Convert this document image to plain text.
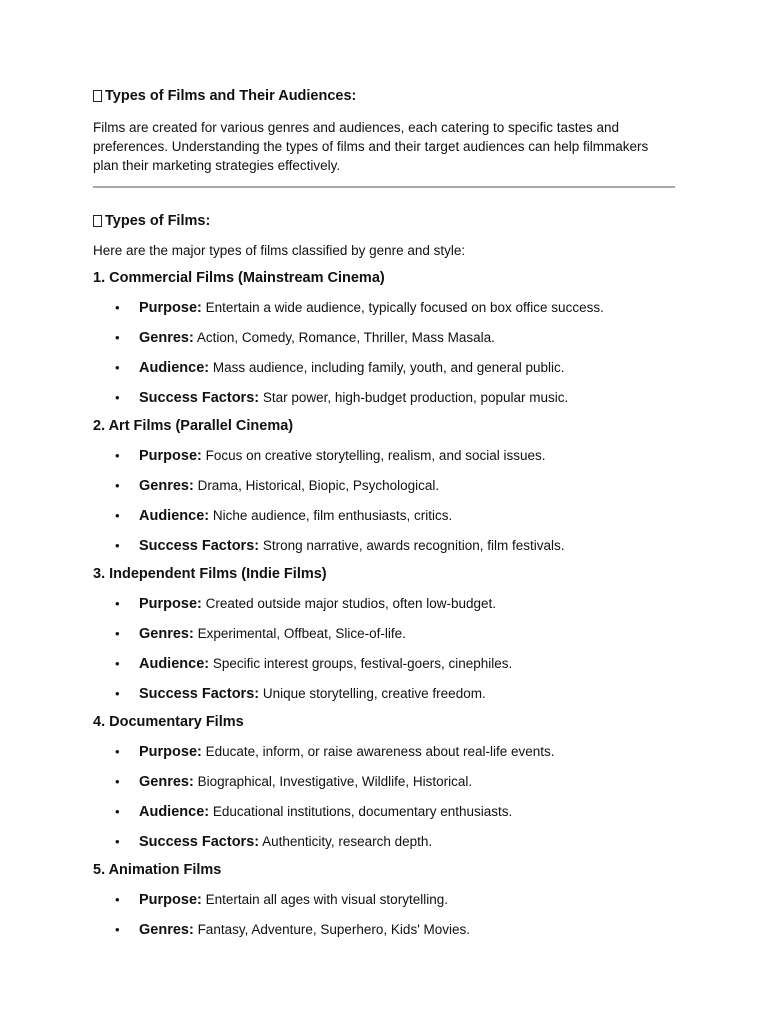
Types of Films and Their Audiences:

Films are created for various genres and audiences, each catering to specific tastes and preferences. Understanding the types of films and their target audiences can help filmmakers plan their marketing strategies effectively.

Types of Films:

Here are the major types of films classified by genre and style:

1. Commercial Films (Mainstream Cinema)
• Purpose: Entertain a wide audience, typically focused on box office success.
• Genres: Action, Comedy, Romance, Thriller, Mass Masala.
• Audience: Mass audience, including family, youth, and general public.
• Success Factors: Star power, high-budget production, popular music.
2. Art Films (Parallel Cinema)
• Purpose: Focus on creative storytelling, realism, and social issues.
• Genres: Drama, Historical, Biopic, Psychological.
• Audience: Niche audience, film enthusiasts, critics.
• Success Factors: Strong narrative, awards recognition, film festivals.
3. Independent Films (Indie Films)
• Purpose: Created outside major studios, often low-budget.
• Genres: Experimental, Offbeat, Slice-of-life.
• Audience: Specific interest groups, festival-goers, cinephiles.
• Success Factors: Unique storytelling, creative freedom.
4. Documentary Films
• Purpose: Educate, inform, or raise awareness about real-life events.
• Genres: Biographical, Investigative, Wildlife, Historical.
• Audience: Educational institutions, documentary enthusiasts.
• Success Factors: Authenticity, research depth.
5. Animation Films
• Purpose: Entertain all ages with visual storytelling.
• Genres: Fantasy, Adventure, Superhero, Kids' Movies.
